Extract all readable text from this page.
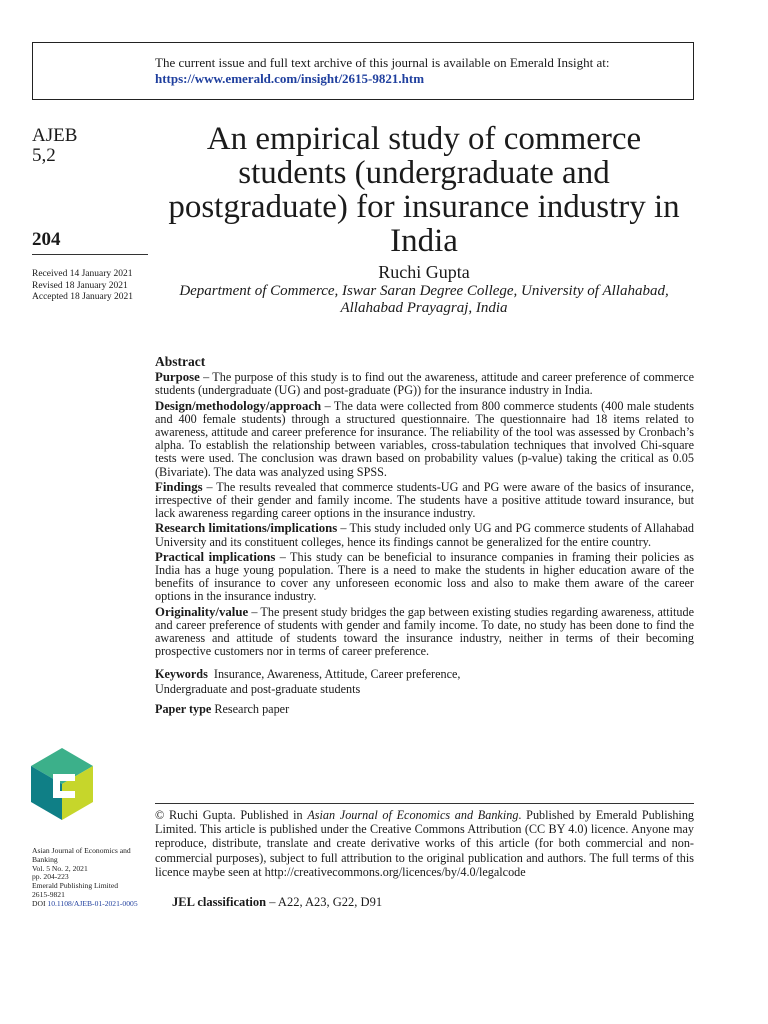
The current issue and full text archive of this journal is available on Emerald Insight at:
https://www.emerald.com/insight/2615-9821.htm
AJEB
5,2
204
Received 14 January 2021
Revised 18 January 2021
Accepted 18 January 2021
An empirical study of commerce students (undergraduate and postgraduate) for insurance industry in India
Ruchi Gupta
Department of Commerce, Iswar Saran Degree College, University of Allahabad,
Allahabad Prayagraj, India
Abstract

Purpose – The purpose of this study is to find out the awareness, attitude and career preference of commerce students (undergraduate (UG) and post-graduate (PG)) for the insurance industry in India.

Design/methodology/approach – The data were collected from 800 commerce students (400 male students and 400 female students) through a structured questionnaire. The questionnaire had 18 items related to awareness, attitude and career preference for insurance. The reliability of the tool was assessed by Cronbach’s alpha. To establish the relationship between variables, cross-tabulation techniques that involved Chi-square tests were used. The conclusion was drawn based on probability values (p-value) taking the critical as 0.05 (Bivariate). The data was analyzed using SPSS.

Findings – The results revealed that commerce students-UG and PG were aware of the basics of insurance, irrespective of their gender and family income. The students have a positive attitude toward insurance, but lack awareness regarding career options in the insurance industry.

Research limitations/implications – This study included only UG and PG commerce students of Allahabad University and its constituent colleges, hence its findings cannot be generalized for the entire country.

Practical implications – This study can be beneficial to insurance companies in framing their policies as India has a huge young population. There is a need to make the students in higher education aware of the benefits of insurance to cover any unforeseen economic loss and also to make them aware of the career options in the insurance industry.

Originality/value – The present study bridges the gap between existing studies regarding awareness, attitude and career preference of students with gender and family income. To date, no study has been done to find the awareness and attitude of students toward the insurance industry, neither in terms of their becoming prospective customers nor in terms of career preference.

Keywords Insurance, Awareness, Attitude, Career preference,
Undergraduate and post-graduate students
Paper type Research paper
Asian Journal of Economics and Banking
Vol. 5 No. 2, 2021
pp. 204-223
Emerald Publishing Limited
2615-9821
DOI 10.1108/AJEB-01-2021-0005
© Ruchi Gupta. Published in Asian Journal of Economics and Banking. Published by Emerald Publishing Limited. This article is published under the Creative Commons Attribution (CC BY 4.0) licence. Anyone may reproduce, distribute, translate and create derivative works of this article (for both commercial and non-commercial purposes), subject to full attribution to the original publication and authors. The full terms of this licence maybe seen at http://creativecommons.org/licences/by/4.0/legalcode
JEL classification – A22, A23, G22, D91
